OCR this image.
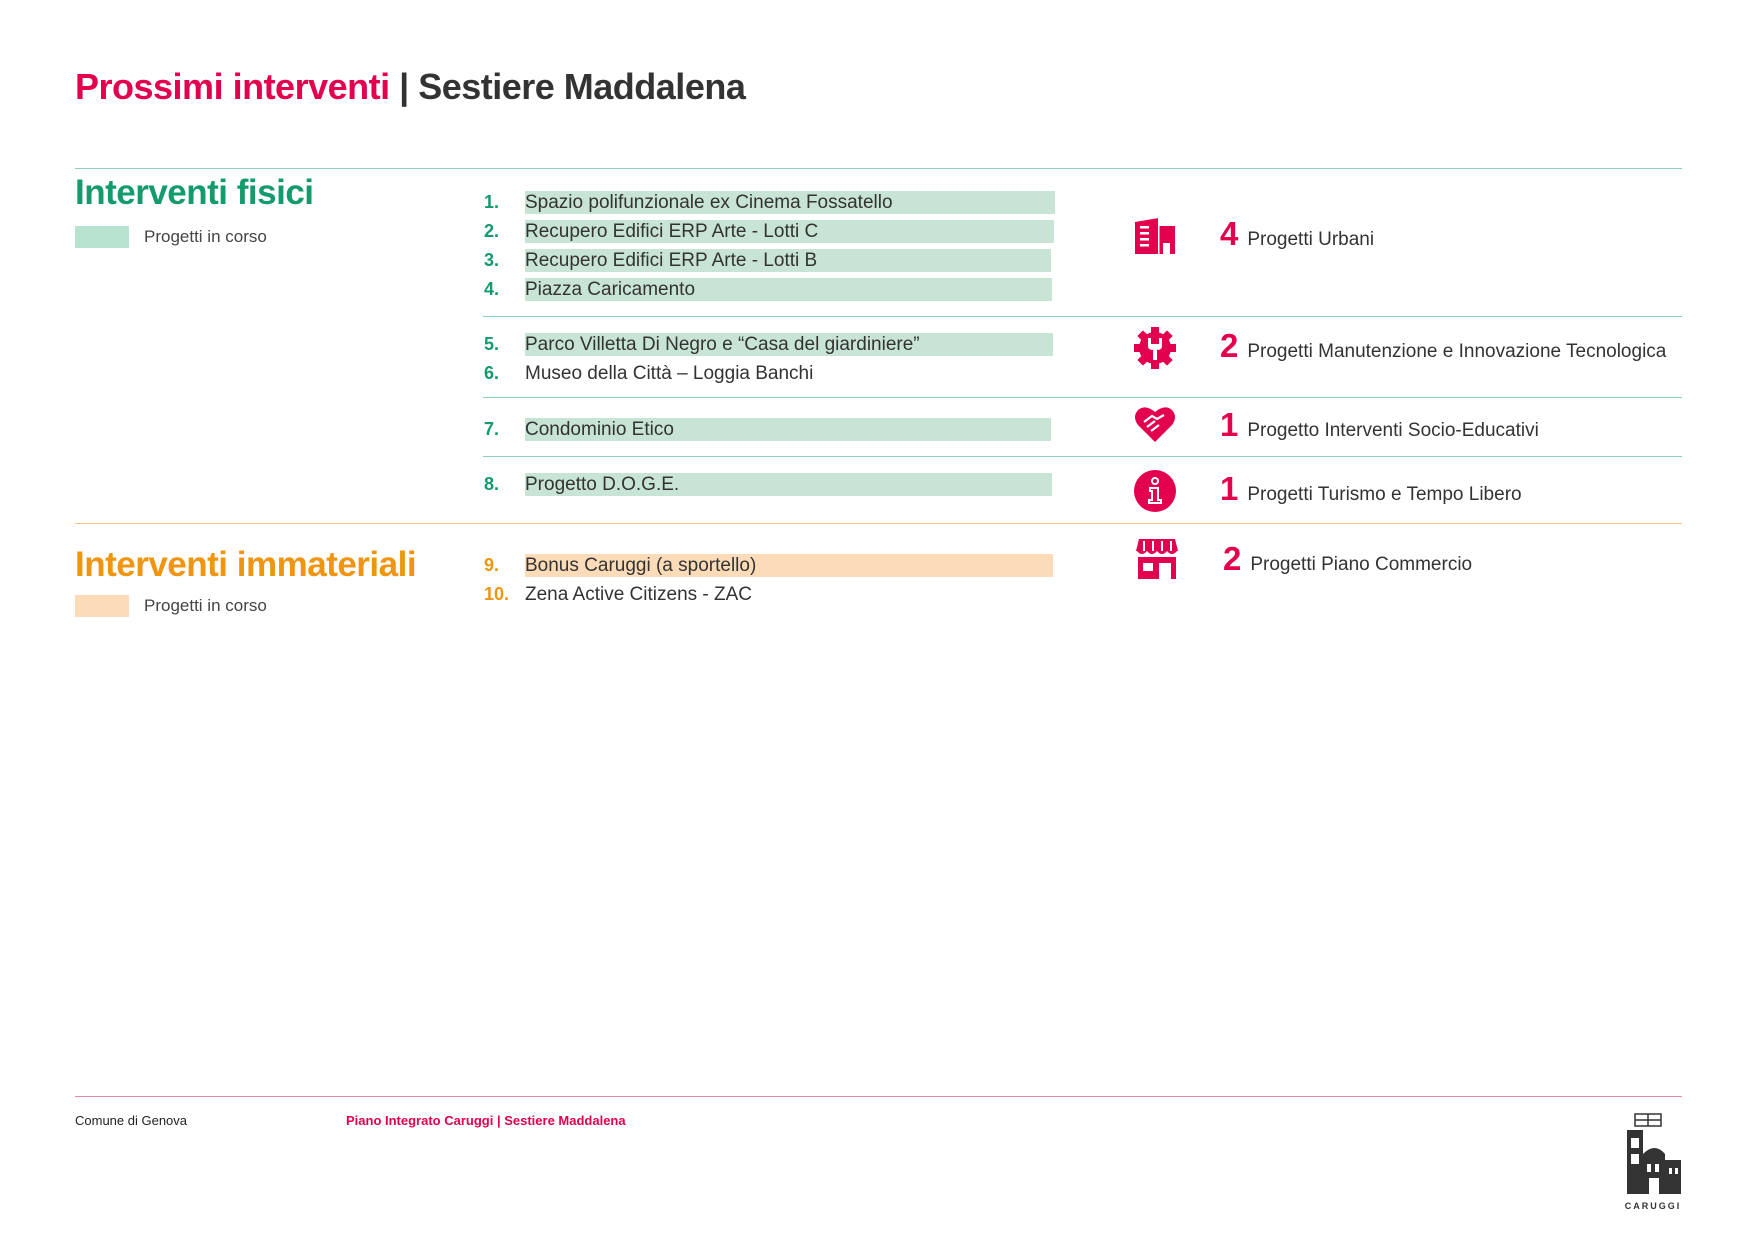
Prossimi interventi | Sestiere Maddalena
Interventi fisici
Progetti in corso
1.	Spazio polifunzionale ex Cinema Fossatello
2.	Recupero Edifici ERP Arte - Lotti C
3.	Recupero Edifici ERP Arte - Lotti B
4.	Piazza Caricamento
5.	Parco Villetta Di Negro e “Casa del giardiniere”
6.	Museo della Città – Loggia Banchi
7.	Condominio Etico
8.	Progetto D.O.G.E.
Interventi immateriali
Progetti in corso
9.	Bonus Caruggi (a sportello)
10. Zena Active Citizens - ZAC
4 Progetti Urbani
2 Progetti Manutenzione e Innovazione Tecnologica
1 Progetto Interventi Socio-Educativi
1 Progetti Turismo e Tempo Libero
2 Progetti Piano Commercio
Comune di Genova	Piano Integrato Caruggi | Sestiere Maddalena
CARUGGI
